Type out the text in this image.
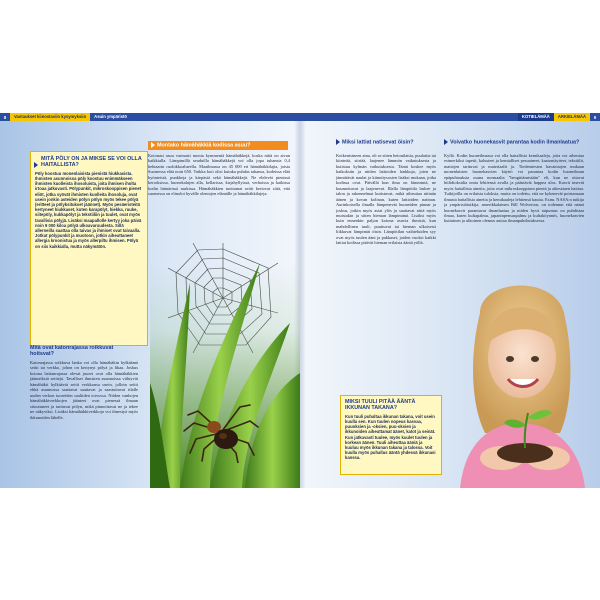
8	Vastaukset kiinostaviin kysymyksiin	Asuin ympäristö	KOTIELÄMÄÄ	ARKIELÄMÄÄ	9
MITÄ PÖLY ON JA MIKSE SE VOI OLLA HAITALLISTA?
Pöly koostuu monenlaisista pienistä hiukkasista. Ihmisten asunnoissa pöly koostuu enimmäkseen ihmisten kuolleista ihosoluista, joita ihmisen iholta irtoaa jatkuvasti. Pölypunkit, mikroskooppisen pienet eliöt, jotka syövät ihmisten kuolleita ihosoluja, ovat usein jonkin asteiden pölyn pölyn myös tekee pölyä (eritteet ja pölyksitukset jäännet). Myös pesäeristeitä kertyneet hiukkaset, kuten karapölyt, hiekka, ruuke, siitepöly, kukkapölyt ja tekstiiliin ja tuulet, ovat myös tavallisia pölyjä. Lisäksi maapallolle kertyy joka päivä noin 9 000 kiloa pölyä ulkoavaruudesta. Sillä allerneilla saattaa olla taivas ja ihmiset ovat taivaalla. Jotkut pölypunkit ja muotoon, jotkin aiheuttaneet allergia kroonistua ja myös allerpiltu ihmisen. Pölyä on siis kaikkialla, mutta näkymätön.
Mitä ovat katonrajassa roikkuvat hoitsvat?
Katonrajassa roikkuva lanka voi olla hämähäkin hylkäämä seitti tai verkko, johon on kertynyt pölyä ja likaa. Joskus kotona lattianrajassa olevat juuret ovat olla hämähäkkien jäännöksiä seittejä. Tavalliset ihmisten asunnoissa viihtyvät hämähäkit hylkäävät seitit verkkonsa usein, jolloin seitit ehkä asunnossa saattavat saattavat ja saastuttavat tilalle uuden verkon tuoreiden saaliiden toivossa. Niiden vanhojen hämähäkkiverkkojen jäänteet ovat pienessä ilmaan sitoutuneet ja tarttuvat pölyn, mikä pinnoittavat ne ja tekee ne näkyviksi. Lisäksi hämähäkkiverkkoja voi ilmestyä myös ikkunoiden lähelle.
Montako hämähäkkiä kodissa asuu?
Kotonasi asuu varmasti monia kymmeniä hämähäkkejä, koska niitä on aivan kaikkialla. Lämpimillä seuduilla hämähäkkejä voi olla jopa tuhansia 0,4 hehtaarin ruohikkoalueella. Maailmassa on 45 000 eri hämähäkkilajia, joista Suomessa elää noin 650. Vaikka koti olisi kuinka puhdas tahansa, kodeissa elää hyönteisiä, punkkeja ja kärpäsiä sekä hämähäkkejä. Ne elelevät pienissä kerroksissa, huonekalujen alla, kellarissa, kirjahyllyissä, verhoissa ja kaikissa kodin hämärissä nurkissa. Hämähäkkien tuottamat seitit kertovat siitä, että suomessa on elinolot hyvälle olentojen elämälle ja hämähäkkilajeja.
Miksi lattiat natisevat öisin?
Kotkenisineen aina, oli se sitten betonilattia, puulattia tai kiinteää, siirtää, laajenee lämmön vaikutuksesta ja kutistuu kylmän vaikutuksesta. Tämä koskee myös katkoksiin ja niiden lattioiden lankkuja, joten ne jännittävät naulat ja kiinnitysosien lisäksi mukaan, jotka kodissa ovat. Päivällä kun ilma on lämmintä, ne kuumottuvat ja laajenevat. Illalla lämpötila laskee ja talon ja rakennelmat kutistuvat, mikä aiheuttaa nitinän äänen ja kovan kolinan, kuten lattioiden natinan. Aurinkoisella ilmalla lämpenevät huoneiden pinnat ja joskus, jotkin myös asiat ylös ja saattavat niitä myös muistakin ja sitten hieman lämpimänä. Lisäksi myös kuin ennenkin paljon kotona asuvia ihmisiä, kun mahdollinen tuuli, puuttuvat tai hieman ulkoisesti liikkuvat lämpimät öisin. Lämpötilan vaihteluiden syy ovat myös tuulen ääni ja pakkaset, joiden vuoksi kaikki lattiat kodissa pitävät hieman erilaisia ääniä yöllä.
MIKSI TUULI PITÄÄ ÄÄNTÄ IKKUNAN TAKANA?
Kun tuuli puhaltaa ikkunan takana, voit usein kuulla sen. Kun tuulen nopeus kasvaa, puuoksien ja -oksien, puu-oksien ja ikkunoiden aiheuttamat äänet, katot ja seinät. Kun jatkuvasti tuulee, myös kuulet tuulen ja korkean äänen. Tuuli aiheuttaa ääniä ja kuuluu myös ikkunan takana ja talossa. Voit kuulla myös puhallus ääntä yhdessä ikkunasi kanssa.
Voivatko huonekasvit parantaa kodin ilmanlaatua?
Kyllä. Kodin huoneilmassa voi olla haitallisia kemikaaleja, joita voi aiheutua esimerkiksi tapetit, kalusteet ja kemialliset pesuaineet, kaatontäytteet, tekstiilit, mattojen tarttuvat ja materiaalit ja. Tiedemiesten havaintojen mukaan monenlaisten huonekasvien käyttö voi parantaa kodin huoneilman epäpuhtauksia osana normaalia "hengittämistään" eli, kun ne ottavat hiilidioksidia omia lehtiensä avulla ja päästävät happea ulos. Kasvit imevät myös haitallisia aineita, joita ovat mikroskooppisen pieniä ja aiheuttaen haittaa. Tutkijoilla on erilaisia tuloksia, mutta on todettu, että ne kykenevät poistamaan ilmasta haitallisia aineita ja kemikaaleja lehtiensä kautta. Esim. NASA:n tutkija ja ympäristötutkija, amerikkalainen Bill Wolverton, on todennut että nämä huonekasvit parantavat ilmanlaatua ja niiden hyvä taipumus on puhdistaa ilmaa, kuten kultapalmu, japaninpensaspalmu ja kultaköynnös, huonekasvien kuituinen ja ulkoinen olemus auttaa ilmanpuhdistuksessa.
